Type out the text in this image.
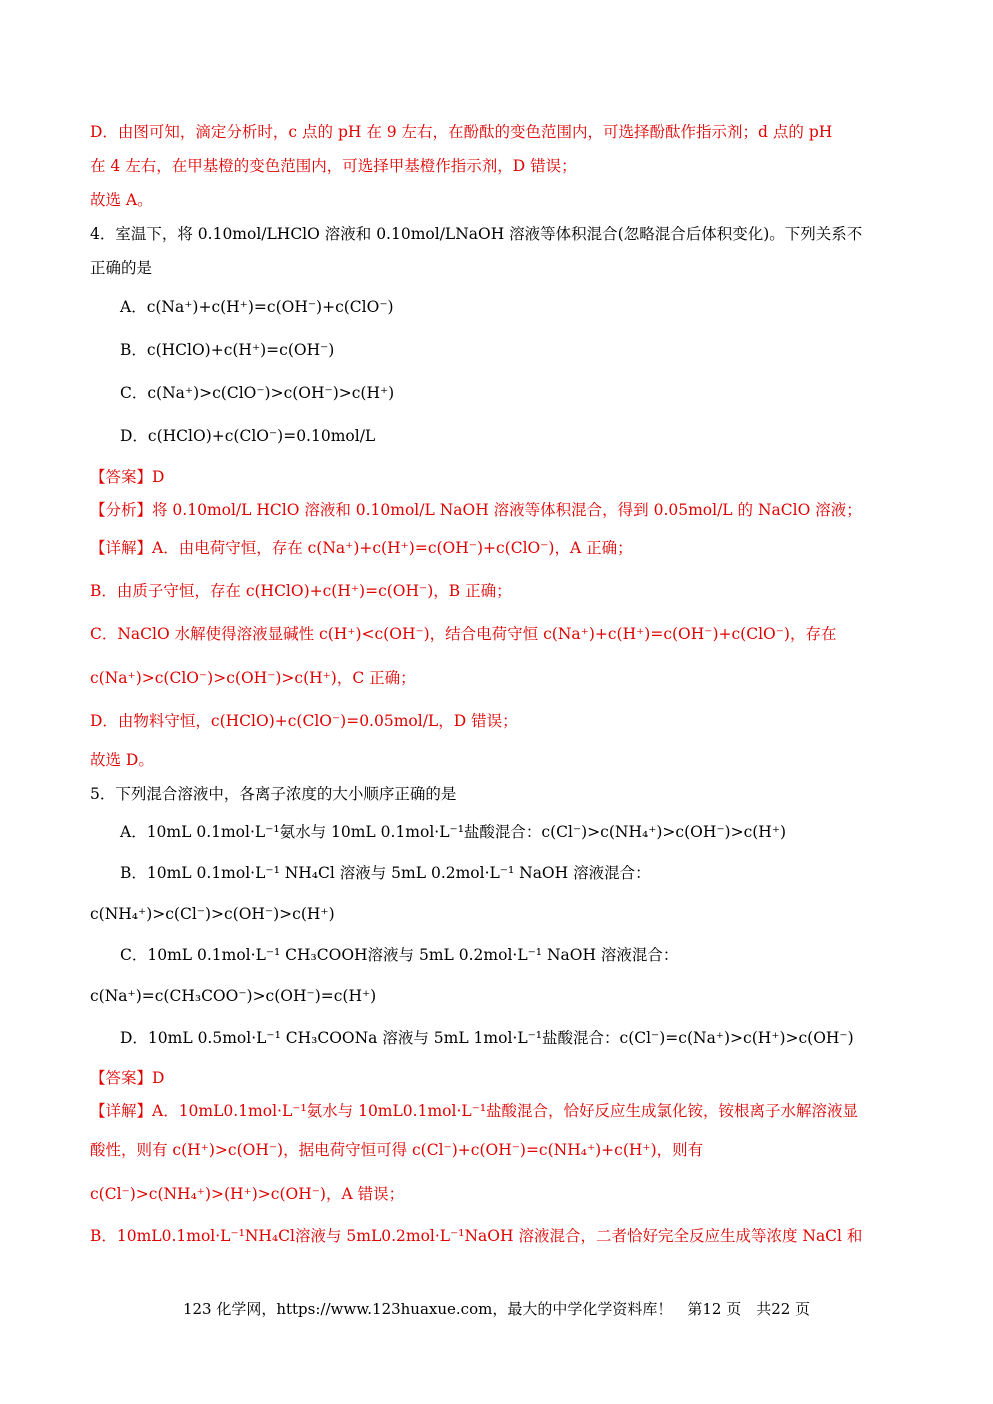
D．由图可知，滴定分析时，c 点的 pH 在 9 左右，在酚酞的变色范围内，可选择酚酞作指示剂；d 点的 pH
在 4 左右，在甲基橙的变色范围内，可选择甲基橙作指示剂，D 错误；
故选 A。
4．室温下，将 0.10mol/LHClO 溶液和 0.10mol/LNaOH 溶液等体积混合(忽略混合后体积变化)。下列关系不
正确的是
A．c(Na⁺)+c(H⁺)=c(OH⁻)+c(ClO⁻)
B．c(HClO)+c(H⁺)=c(OH⁻)
C．c(Na⁺)>c(ClO⁻)>c(OH⁻)>c(H⁺)
D．c(HClO)+c(ClO⁻)=0.10mol/L
【答案】D
【分析】将 0.10mol/L HClO 溶液和 0.10mol/L NaOH 溶液等体积混合，得到 0.05mol/L 的 NaClO 溶液；
【详解】A．由电荷守恒，存在 c(Na⁺)+c(H⁺)=c(OH⁻)+c(ClO⁻)，A 正确；
B．由质子守恒，存在 c(HClO)+c(H⁺)=c(OH⁻)，B 正确；
C．NaClO 水解使得溶液显碱性 c(H⁺)<c(OH⁻)，结合电荷守恒 c(Na⁺)+c(H⁺)=c(OH⁻)+c(ClO⁻)，存在
c(Na⁺)>c(ClO⁻)>c(OH⁻)>c(H⁺)，C 正确；
D．由物料守恒，c(HClO)+c(ClO⁻)=0.05mol/L，D 错误；
故选 D。
5．下列混合溶液中，各离子浓度的大小顺序正确的是
A．10mL 0.1mol·L⁻¹氨水与 10mL 0.1mol·L⁻¹盐酸混合：c(Cl⁻)>c(NH₄⁺)>c(OH⁻)>c(H⁺)
B．10mL 0.1mol·L⁻¹ NH₄Cl 溶液与 5mL 0.2mol·L⁻¹ NaOH 溶液混合：
c(NH₄⁺)>c(Cl⁻)>c(OH⁻)>c(H⁺)
C．10mL 0.1mol·L⁻¹ CH₃COOH溶液与 5mL 0.2mol·L⁻¹ NaOH 溶液混合：
c(Na⁺)=c(CH₃COO⁻)>c(OH⁻)=c(H⁺)
D．10mL 0.5mol·L⁻¹ CH₃COONa 溶液与 5mL 1mol·L⁻¹盐酸混合：c(Cl⁻)=c(Na⁺)>c(H⁺)>c(OH⁻)
【答案】D
【详解】A．10mL0.1mol·L⁻¹氨水与 10mL0.1mol·L⁻¹盐酸混合，恰好反应生成氯化铵，铵根离子水解溶液显
酸性，则有 c(H⁺)>c(OH⁻)，据电荷守恒可得 c(Cl⁻)+c(OH⁻)=c(NH₄⁺)+c(H⁺)，则有
c(Cl⁻)>c(NH₄⁺)>(H⁺)>c(OH⁻)，A 错误；
B．10mL0.1mol·L⁻¹NH₄Cl溶液与 5mL0.2mol·L⁻¹NaOH 溶液混合，二者恰好完全反应生成等浓度 NaCl 和
123 化学网，https://www.123huaxue.com，最大的中学化学资料库！　第12 页　共22 页
